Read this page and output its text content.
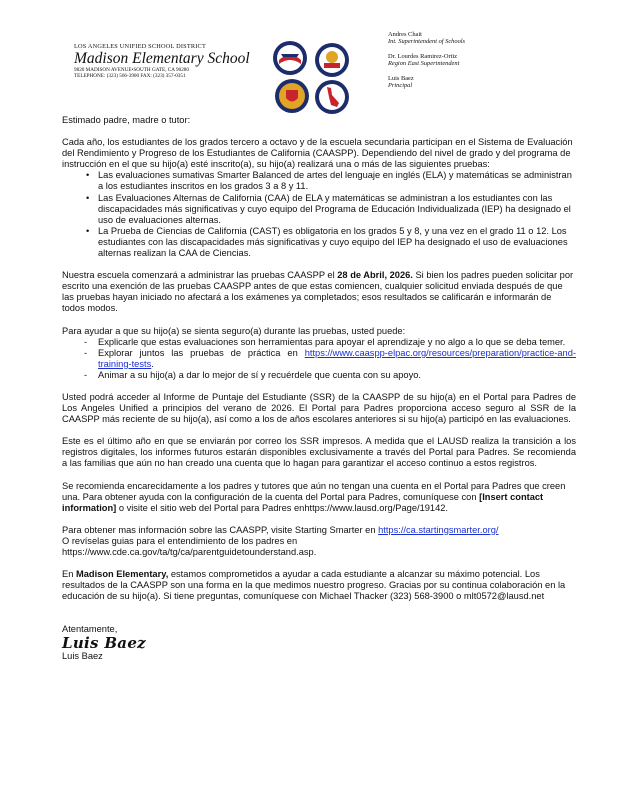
LOS ANGELES UNIFIED SCHOOL DISTRICT
Madison Elementary School
9820 MADISON AVENUE•SOUTH GATE, CA 90280
TELEPHONE: (323) 566-3900 FAX: (323) 357-0351
Andres Chait
Int. Superintendent of Schools
Dr. Lourdes Ramirez-Ortiz
Region East Superintendent
Luis Baez
Principal

Estimado padre, madre o tutor:

Cada año, los estudiantes de los grados tercero a octavo y de la escuela secundaria participan en el Sistema de Evaluación del Rendimiento y Progreso de los Estudiantes de California (CAASPP). Dependiendo del nivel de grado y del programa de instrucción en el que su hijo(a) esté inscrito(a), su hijo(a) realizará una o más de las siguientes pruebas:

• Las evaluaciones sumativas Smarter Balanced de artes del lenguaje en inglés (ELA) y matemáticas se administran a los estudiantes inscritos en los grados 3 a 8 y 11.
• Las Evaluaciones Alternas de California (CAA) de ELA y matemáticas se administran a los estudiantes con las discapacidades más significativas y cuyo equipo del Programa de Educación Individualizada (IEP) ha designado el uso de evaluaciones alternas.
• La Prueba de Ciencias de California (CAST) es obligatoria en los grados 5 y 8, y una vez en el grado 11 o 12. Los estudiantes con las discapacidades más significativas y cuyo equipo del IEP ha designado el uso de evaluaciones alternas realizan la CAA de Ciencias.

Nuestra escuela comenzará a administrar las pruebas CAASPP el 28 de Abril, 2026. Si bien los padres pueden solicitar por escrito una exención de las pruebas CAASPP antes de que estas comiencen, cualquier solicitud enviada después de que las pruebas hayan iniciado no afectará a los exámenes ya completados; esos resultados se calificarán e informarán de todos modos.

Para ayudar a que su hijo(a) se sienta seguro(a) durante las pruebas, usted puede:

- Explicarle que estas evaluaciones son herramientas para apoyar el aprendizaje y no algo a lo que se deba temer.
- Explorar juntos las pruebas de práctica en https://www.caaspp-elpac.org/resources/preparation/practice-and-training-tests.
- Animar a su hijo(a) a dar lo mejor de sí y recuérdele que cuenta con su apoyo.

Usted podrá acceder al Informe de Puntaje del Estudiante (SSR) de la CAASPP de su hijo(a) en el Portal para Padres de Los Angeles Unified a principios del verano de 2026. El Portal para Padres proporciona acceso seguro al SSR de la CAASPP más reciente de su hijo(a), así como a los de años escolares anteriores si su hijo(a) participó en las evaluaciones.

Este es el último año en que se enviarán por correo los SSR impresos. A medida que el LAUSD realiza la transición a los registros digitales, los informes futuros estarán disponibles exclusivamente a través del Portal para Padres. Se recomienda a las familias que aún no han creado una cuenta que lo hagan para garantizar el acceso continuo a estos registros.

Se recomienda encarecidamente a los padres y tutores que aún no tengan una cuenta en el Portal para Padres que creen una. Para obtener ayuda con la configuración de la cuenta del Portal para Padres, comuníquese con [Insert contact information] o visite el sitio web del Portal para Padres enhttps://www.lausd.org/Page/19142.

Para obtener mas información sobre las CAASPP, visite Starting Smarter en https://ca.startingsmarter.org/

O revíselas guias para el entendimiento de los padres en

https://www.cde.ca.gov/ta/tg/ca/parentguidetounderstand.asp.

En Madison Elementary, estamos comprometidos a ayudar a cada estudiante a alcanzar su máximo potencial. Los resultados de la CAASPP son una forma en la que medimos nuestro progreso. Gracias por su continua colaboración en la educación de su hijo(a). Si tiene preguntas, comuníquese con Michael Thacker (323) 568-3900 o mlt0572@lausd.net

Atentamente,

Luis Baez

Luis Baez
